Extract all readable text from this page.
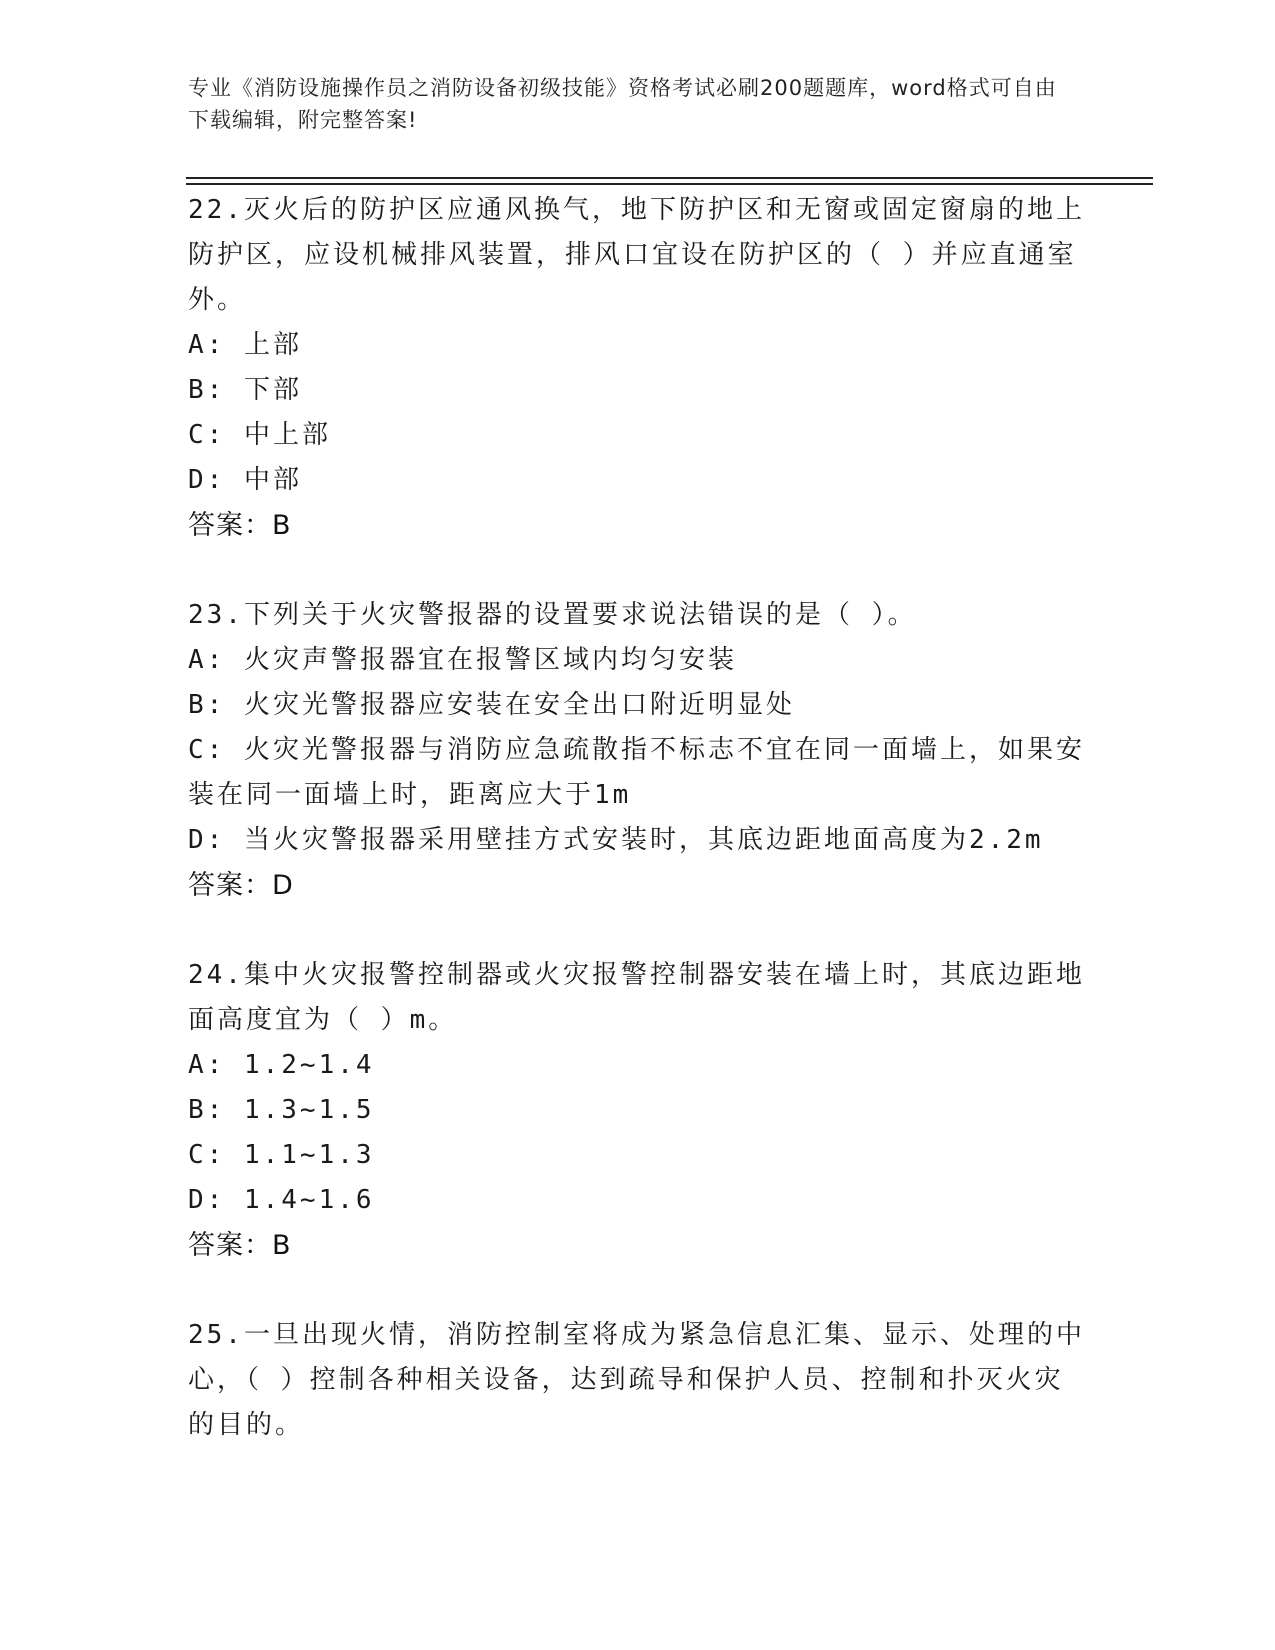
专业《消防设施操作员之消防设备初级技能》资格考试必刷200题题库，word格式可自由下载编辑，附完整答案!
22.灭火后的防护区应通风换气，地下防护区和无窗或固定窗扇的地上防护区，应设机械排风装置，排风口宜设在防护区的（ ）并应直通室外。
A: 上部
B: 下部
C: 中上部
D: 中部
答案：B
23.下列关于火灾警报器的设置要求说法错误的是（ ）。
A: 火灾声警报器宜在报警区域内均匀安装
B: 火灾光警报器应安装在安全出口附近明显处
C: 火灾光警报器与消防应急疏散指不标志不宜在同一面墙上，如果安装在同一面墙上时，距离应大于1m
D: 当火灾警报器采用壁挂方式安装时，其底边距地面高度为2.2m
答案：D
24.集中火灾报警控制器或火灾报警控制器安装在墙上时，其底边距地面高度宜为（ ）m。
A: 1.2~1.4
B: 1.3~1.5
C: 1.1~1.3
D: 1.4~1.6
答案：B
25.一旦出现火情，消防控制室将成为紧急信息汇集、显示、处理的中心，（ ）控制各种相关设备，达到疏导和保护人员、控制和扑灭火灾的目的。
